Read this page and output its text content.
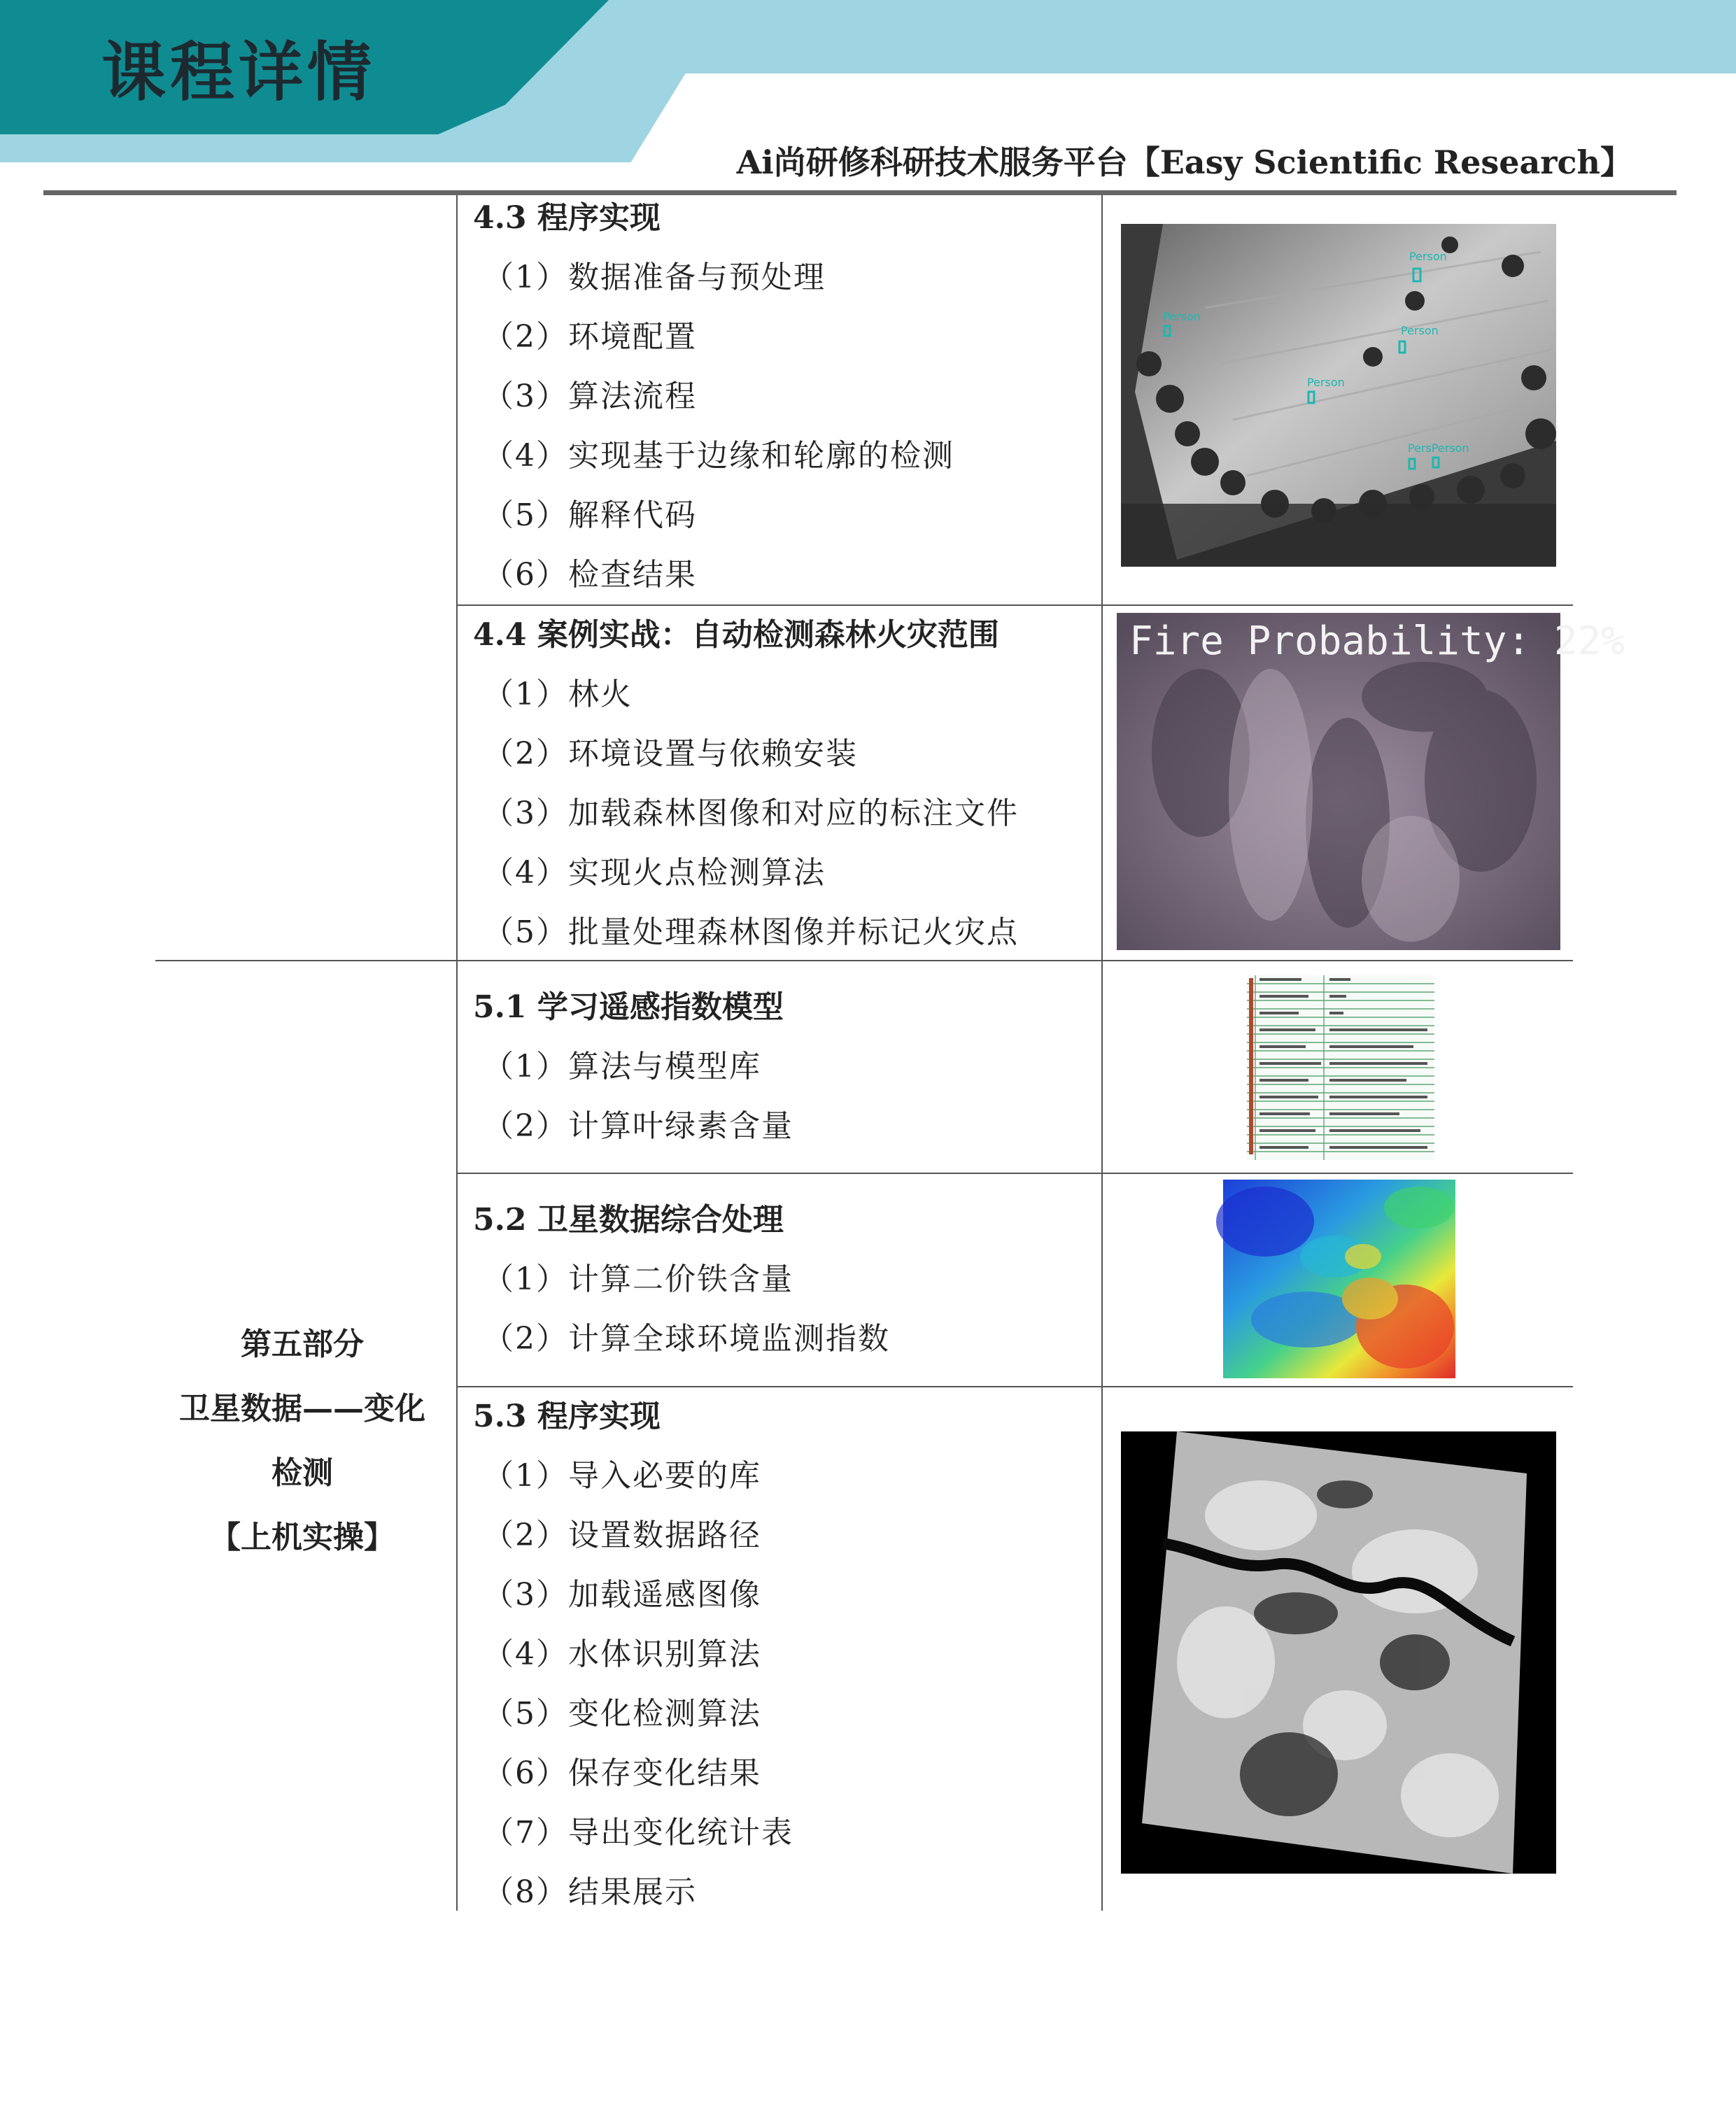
课程详情
Ai尚研修科研技术服务平台【Easy Scientific Research】
第五部分
卫星数据——变化
检测
【上机实操】
4.3 程序实现
（1）数据准备与预处理
（2）环境配置
（3）算法流程
（4）实现基于边缘和轮廓的检测
（5）解释代码
（6）检查结果
4.4 案例实战：自动检测森林火灾范围
（1）林火
（2）环境设置与依赖安装
（3）加载森林图像和对应的标注文件
（4）实现火点检测算法
（5）批量处理森林图像并标记火灾点
5.1 学习遥感指数模型
（1）算法与模型库
（2）计算叶绿素含量
5.2 卫星数据综合处理
（1）计算二价铁含量
（2）计算全球环境监测指数
5.3 程序实现
（1）导入必要的库
（2）设置数据路径
（3）加载遥感图像
（4）水体识别算法
（5）变化检测算法
（6）保存变化结果
（7）导出变化统计表
（8）结果展示
Person
Person
Person
Person
PersPerson
Fire Probability: 22%
